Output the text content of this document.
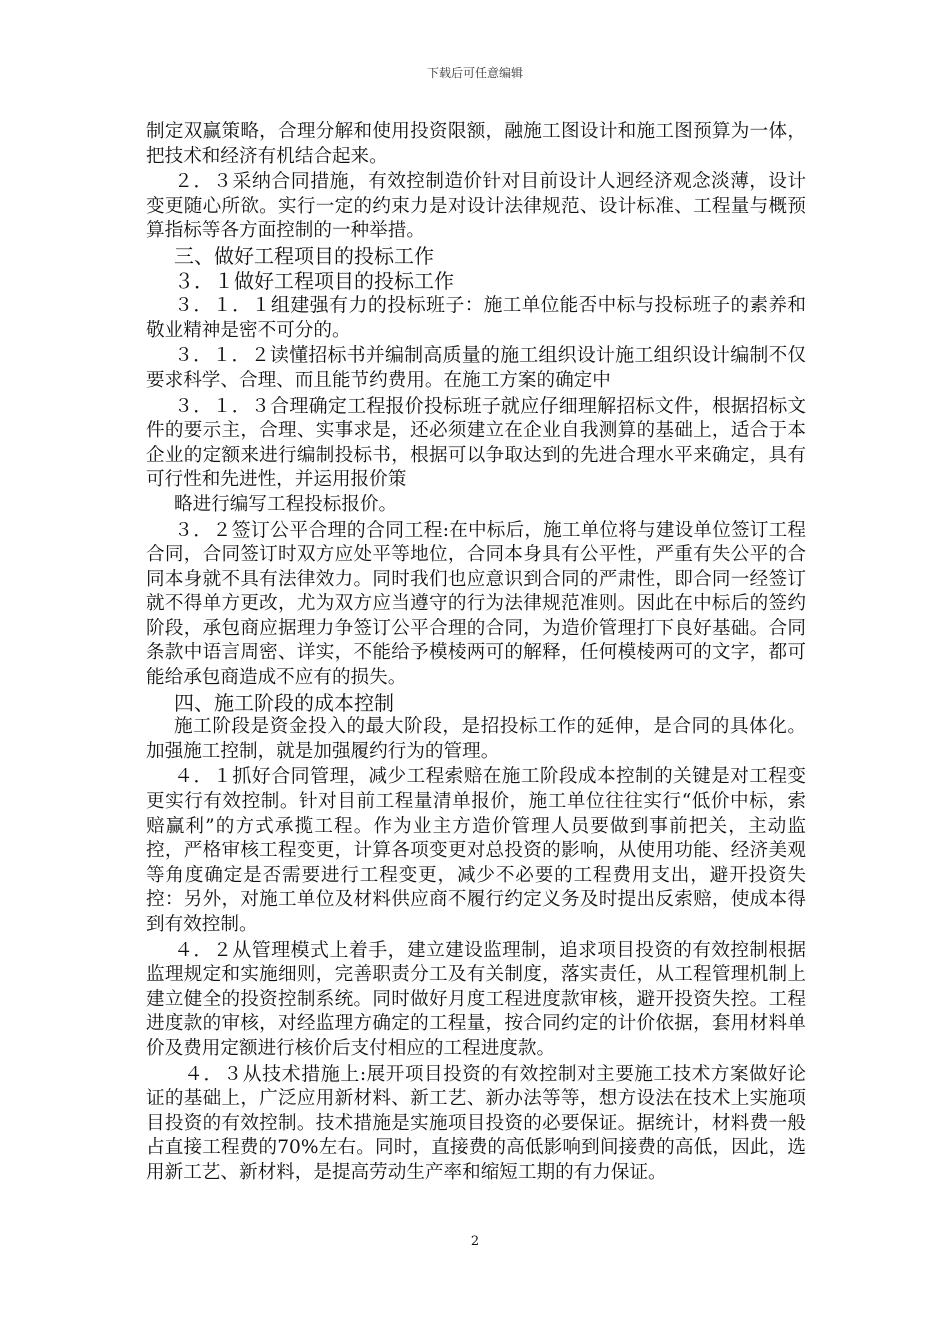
下载后可任意编辑

制定双赢策略，合理分解和使用投资限额，融施工图设计和施工图预算为一体，把技术和经济有机结合起来。

２．３采纳合同措施，有效控制造价针对目前设计人迥经济观念淡薄，设计变更随心所欲。实行一定的约束力是对设计法律规范、设计标准、工程量与概预算指标等各方面控制的一种举措。

三、做好工程项目的投标工作

３．１做好工程项目的投标工作

３．１．１组建强有力的投标班子：施工单位能否中标与投标班子的素养和敬业精神是密不可分的。

３．１．２读懂招标书并编制高质量的施工组织设计施工组织设计编制不仅要求科学、合理、而且能节约费用。在施工方案的确定中

３．１．３合理确定工程报价投标班子就应仔细理解招标文件，根据招标文件的要示主，合理、实事求是，还必须建立在企业自我测算的基础上，适合于本企业的定额来进行编制投标书，根据可以争取达到的先进合理水平来确定，具有可行性和先进性，并运用报价策

略进行编写工程投标报价。

３．２签订公平合理的合同工程:在中标后，施工单位将与建设单位签订工程合同，合同签订时双方应处平等地位，合同本身具有公平性，严重有失公平的合同本身就不具有法律效力。同时我们也应意识到合同的严肃性，即合同一经签订就不得单方更改，尤为双方应当遵守的行为法律规范准则。因此在中标后的签约阶段，承包商应据理力争签订公平合理的合同，为造价管理打下良好基础。合同条款中语言周密、详实，不能给予模棱两可的解释，任何模棱两可的文字，都可能给承包商造成不应有的损失。

四、施工阶段的成本控制

施工阶段是资金投入的最大阶段，是招投标工作的延伸，是合同的具体化。加强施工控制，就是加强履约行为的管理。

４．１抓好合同管理，减少工程索赔在施工阶段成本控制的关键是对工程变更实行有效控制。针对目前工程量清单报价，施工单位往往实行“低价中标，索赔赢利”的方式承揽工程。作为业主方造价管理人员要做到事前把关，主动监控，严格审核工程变更，计算各项变更对总投资的影响，从使用功能、经济美观等角度确定是否需要进行工程变更，减少不必要的工程费用支出，避开投资失控：另外，对施工单位及材料供应商不履行约定义务及时提出反索赔，使成本得到有效控制。

４．２从管理模式上着手，建立建设监理制，追求项目投资的有效控制根据监理规定和实施细则，完善职责分工及有关制度，落实责任，从工程管理机制上建立健全的投资控制系统。同时做好月度工程进度款审核，避开投资失控。工程进度款的审核，对经监理方确定的工程量，按合同约定的计价依据，套用材料单价及费用定额进行核价后支付相应的工程进度款。

４．３从技术措施上:展开项目投资的有效控制对主要施工技术方案做好论证的基础上，广泛应用新材料、新工艺、新办法等等，想方设法在技术上实施项目投资的有效控制。技术措施是实施项目投资的必要保证。据统计，材料费一般占直接工程费的70%左右。同时，直接费的高低影响到间接费的高低，因此，选用新工艺、新材料，是提高劳动生产率和缩短工期的有力保证。

2
